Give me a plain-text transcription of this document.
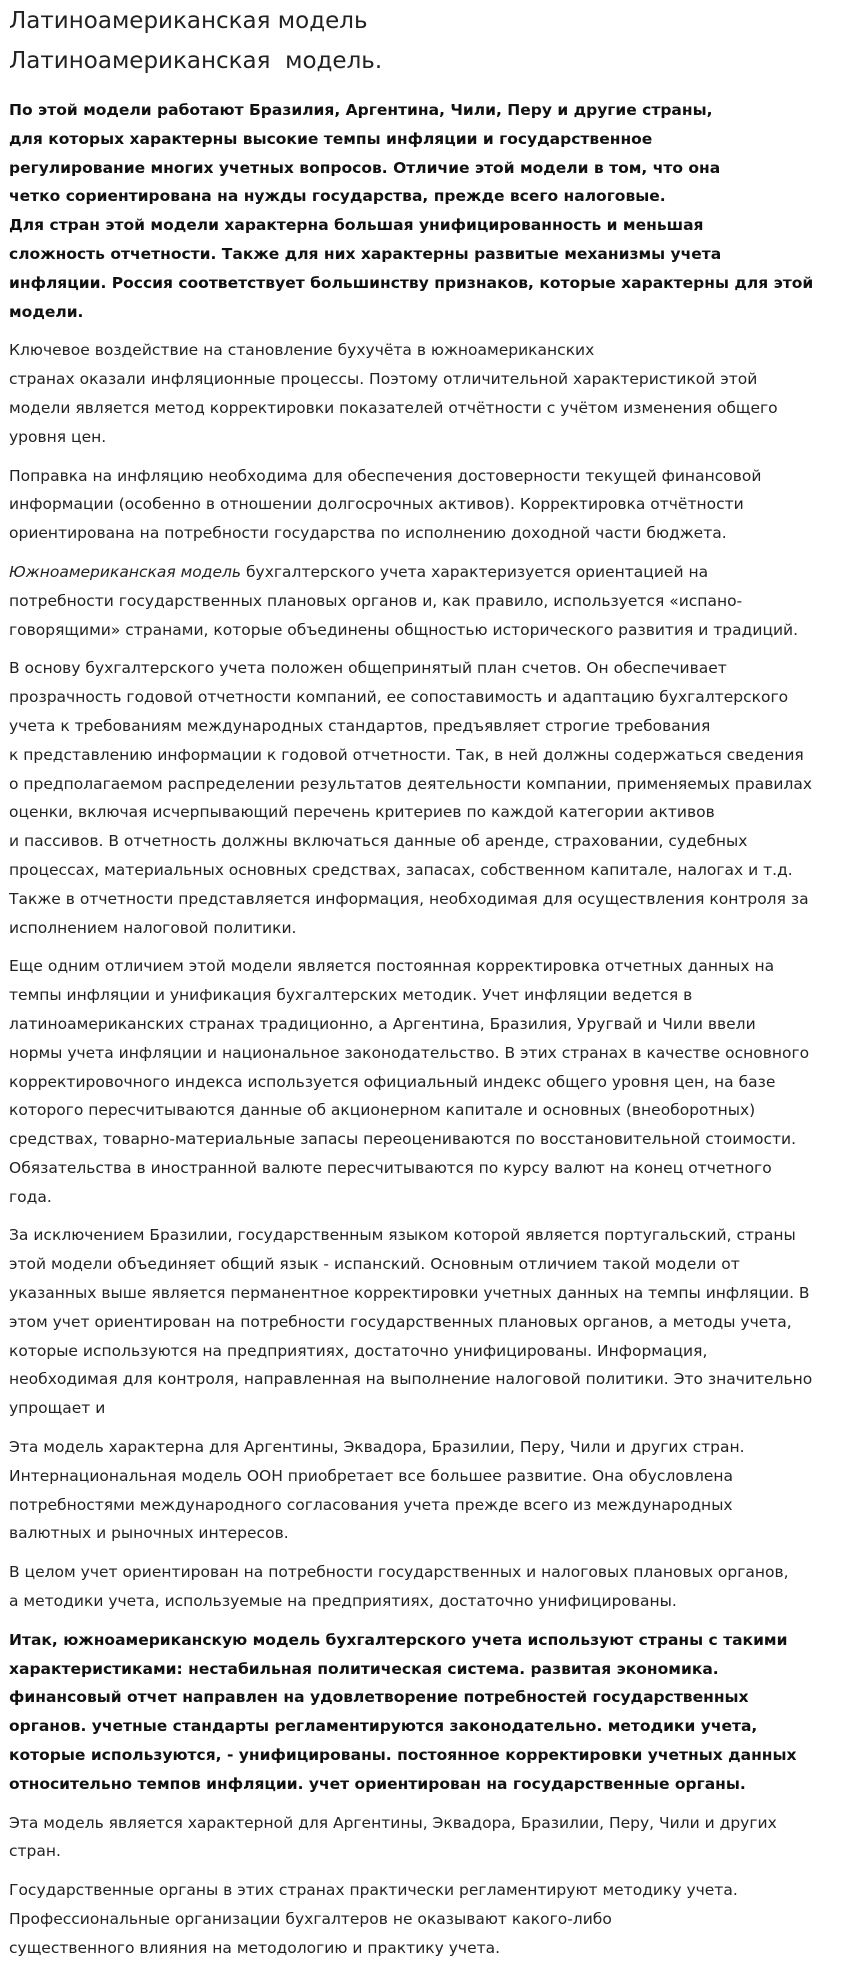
Латиноамериканская модель
Латиноамериканская  модель.

По этой модели работают Бразилия, Аргентина, Чили, Перу и другие страны,
для которых характерны высокие темпы инфляции и государственное
регулирование многих учетных вопросов. Отличие этой модели в том, что она
четко сориентирована на нужды государства, прежде всего налоговые.
Для стран этой модели характерна большая унифицированность и меньшая
сложность отчетности. Также для них характерны развитые механизмы учета
инфляции. Россия соответствует большинству признаков, которые характерны для этой
модели.

Ключевое воздействие на становление бухучёта в южноамериканских
странах оказали инфляционные процессы. Поэтому отличительной характеристикой этой
модели является метод корректировки показателей отчётности с учётом изменения общего
уровня цен.

Поправка на инфляцию необходима для обеспечения достоверности текущей финансовой
информации (особенно в отношении долгосрочных активов). Корректировка отчётности
ориентирована на потребности государства по исполнению доходной части бюджета.

Южноамериканская модель бухгалтерского учета характеризуется ориентацией на
потребности государственных плановых органов и, как правило, используется «испано-
говорящими» странами, которые объединены общностью исторического развития и традиций.

В основу бухгалтерского учета положен общепринятый план счетов. Он обеспечивает
прозрачность годовой отчетности компаний, ее сопоставимость и адаптацию бухгалтерского
учета к требованиям международных стандартов, предъявляет строгие требования
к представлению информации к годовой отчетности. Так, в ней должны содержаться сведения
о предполагаемом распределении результатов деятельности компании, применяемых правилах
оценки, включая исчерпывающий перечень критериев по каждой категории активов
и пассивов. В отчетность должны включаться данные об аренде, страховании, судебных
процессах, материальных основных средствах, запасах, собственном капитале, налогах и т.д.
Также в отчетности представляется информация, необходимая для осуществления контроля за
исполнением налоговой политики.

Еще одним отличием этой модели является постоянная корректировка отчетных данных на
темпы инфляции и унификация бухгалтерских методик. Учет инфляции ведется в
латиноамериканских странах традиционно, а Аргентина, Бразилия, Уругвай и Чили ввели
нормы учета инфляции и национальное законодательство. В этих странах в качестве основного
корректировочного индекса используется официальный индекс общего уровня цен, на базе
которого пересчитываются данные об акционерном капитале и основных (внеоборотных)
средствах, товарно-материальные запасы переоцениваются по восстановительной стоимости.
Обязательства в иностранной валюте пересчитываются по курсу валют на конец отчетного
года.

За исключением Бразилии, государственным языком которой является португальский, страны
этой модели объединяет общий язык - испанский. Основным отличием такой модели от
указанных выше является перманентное корректировки учетных данных на темпы инфляции. В
этом учет ориентирован на потребности государственных плановых органов, а методы учета,
которые используются на предприятиях, достаточно унифицированы. Информация,
необходимая для контроля, направленная на выполнение налоговой политики. Это значительно
упрощает и

Эта модель характерна для Аргентины, Эквадора, Бразилии, Перу, Чили и других стран.
Интернациональная модель ООН приобретает все большее развитие. Она обусловлена
потребностями международного согласования учета прежде всего из международных
валютных и рыночных интересов.

В целом учет ориентирован на потребности государственных и налоговых плановых органов,
а методики учета, используемые на предприятиях, достаточно унифицированы.

Итак, южноамериканскую модель бухгалтерского учета используют страны с такими
характеристиками: нестабильная политическая система. развитая экономика.
финансовый отчет направлен на удовлетворение потребностей государственных
органов. учетные стандарты регламентируются законодательно. методики учета,
которые используются, - унифицированы. постоянное корректировки учетных данных
относительно темпов инфляции. учет ориентирован на государственные органы.

Эта модель является характерной для Аргентины, Эквадора, Бразилии, Перу, Чили и других
стран.

Государственные органы в этих странах практически регламентируют методику учета.
Профессиональные организации бухгалтеров не оказывают какого-либо
существенного влияния на методологию и практику учета.
